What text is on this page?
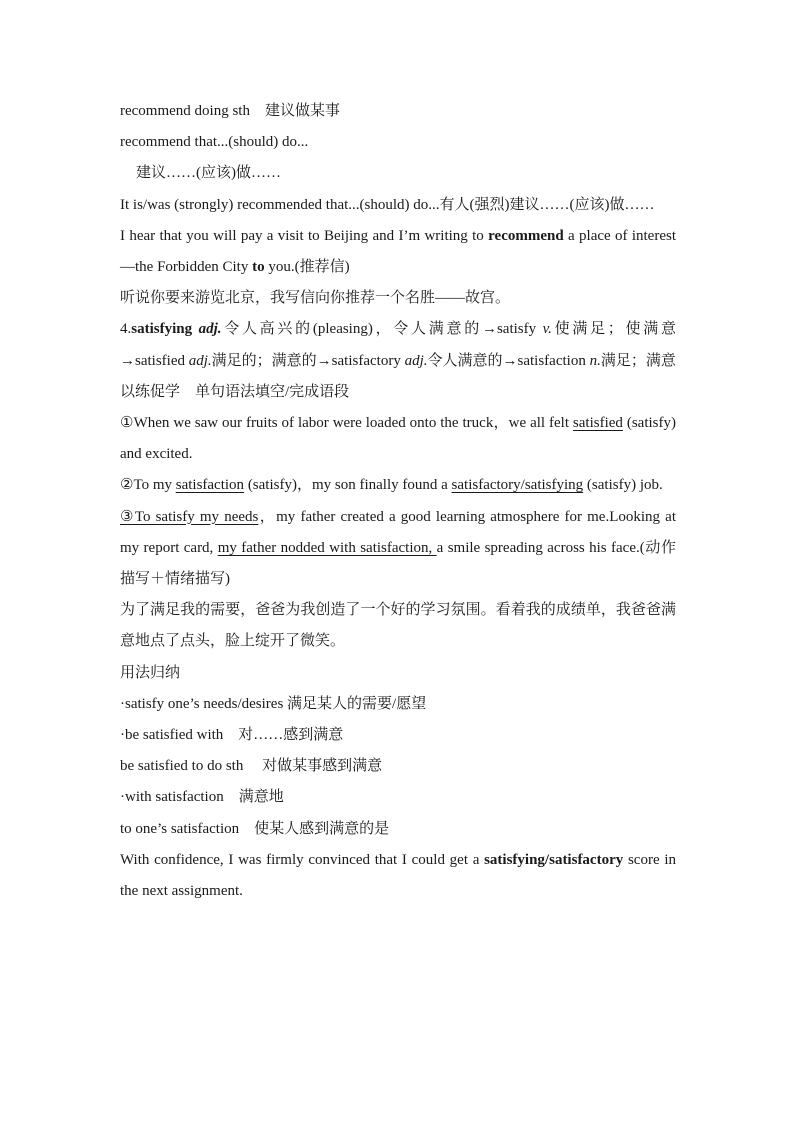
recommend doing sth　建议做某事
recommend that...(should) do...
建议……(应该)做……
It is/was (strongly) recommended that...(should) do...有人(强烈)建议……(应该)做……
I hear that you will pay a visit to Beijing and I’m writing to recommend a place of interest—the Forbidden City to you.(推荐信)
听说你要来游览北京，我写信向你推荐一个名胜——故宫。
4.satisfying adj.令人高兴的(pleasing)，令人满意的→satisfy v.使满足；使满意→satisfied adj.满足的；满意的→satisfactory adj.令人满意的→satisfaction n.满足；满意
以练促学　单句语法填空/完成语段
①When we saw our fruits of labor were loaded onto the truck，we all felt satisfied (satisfy) and excited.
②To my satisfaction (satisfy)，my son finally found a satisfactory/satisfying (satisfy) job.
③To satisfy my needs，my father created a good learning atmosphere for me.Looking at my report card, my father nodded with satisfaction, a smile spreading across his face.(动作描写＋情绪描写)
为了满足我的需要，爸爸为我创造了一个好的学习氛围。看着我的成绩单，我爸爸满意地点了点头，脸上绽开了微笑。
用法归纳
·satisfy one’s needs/desires 满足某人的需要/愿望
·be satisfied with　对……感到满意
be satisfied to do sth　 对做某事感到满意
·with satisfaction　满意地
to one’s satisfaction　使某人感到满意的是
With confidence, I was firmly convinced that I could get a satisfying/satisfactory score in the next assignment.
